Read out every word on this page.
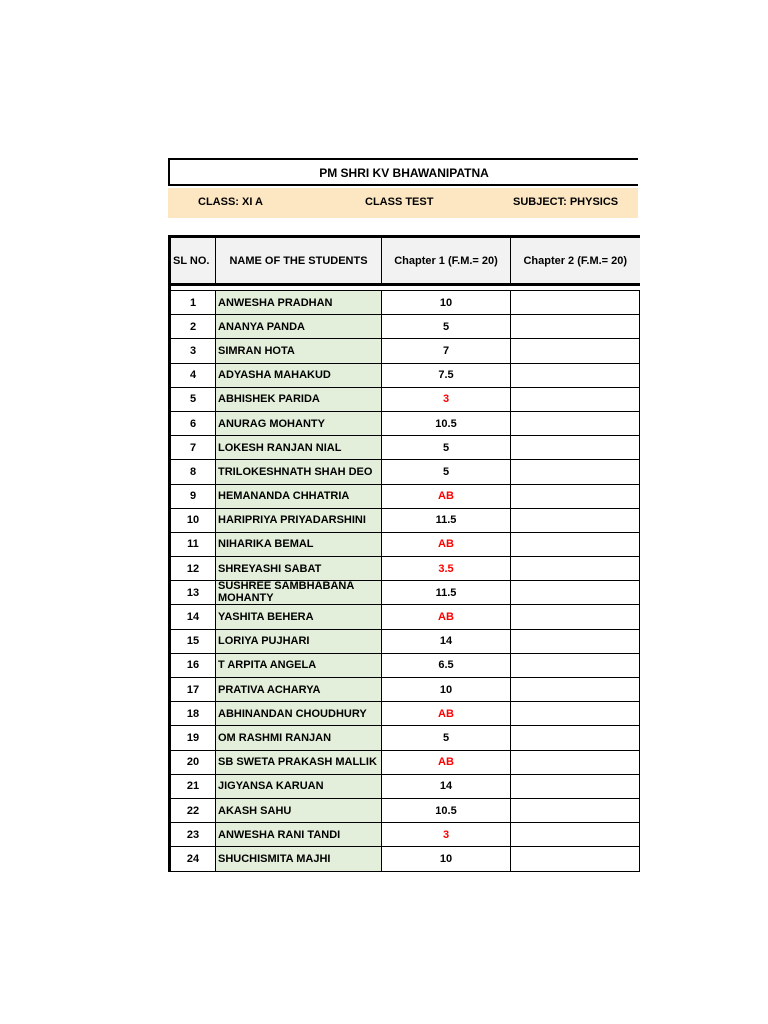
PM SHRI KV BHAWANIPATNA
CLASS: XI A	CLASS TEST	SUBJECT: PHYSICS
SL NO.	NAME OF THE STUDENTS	Chapter 1 (F.M.= 20)	Chapter 2 (F.M.= 20)

1	ANWESHA PRADHAN	10	
2	ANANYA PANDA	5	
3	SIMRAN HOTA	7	
4	ADYASHA MAHAKUD	7.5	
5	ABHISHEK PARIDA	3	
6	ANURAG MOHANTY	10.5	
7	LOKESH RANJAN NIAL	5	
8	TRILOKESHNATH SHAH DEO	5	
9	HEMANANDA CHHATRIA	AB	
10	HARIPRIYA PRIYADARSHINI	11.5	
11	NIHARIKA BEMAL	AB	
12	SHREYASHI SABAT	3.5	
13	SUSHREE SAMBHABANA MOHANTY	11.5	
14	YASHITA BEHERA	AB	
15	LORIYA PUJHARI	14	
16	T ARPITA ANGELA	6.5	
17	PRATIVA ACHARYA	10	
18	ABHINANDAN CHOUDHURY	AB	
19	OM RASHMI RANJAN	5	
20	SB SWETA PRAKASH MALLIK	AB	
21	JIGYANSA KARUAN	14	
22	AKASH SAHU	10.5	
23	ANWESHA RANI TANDI	3	
24	SHUCHISMITA MAJHI	10	
